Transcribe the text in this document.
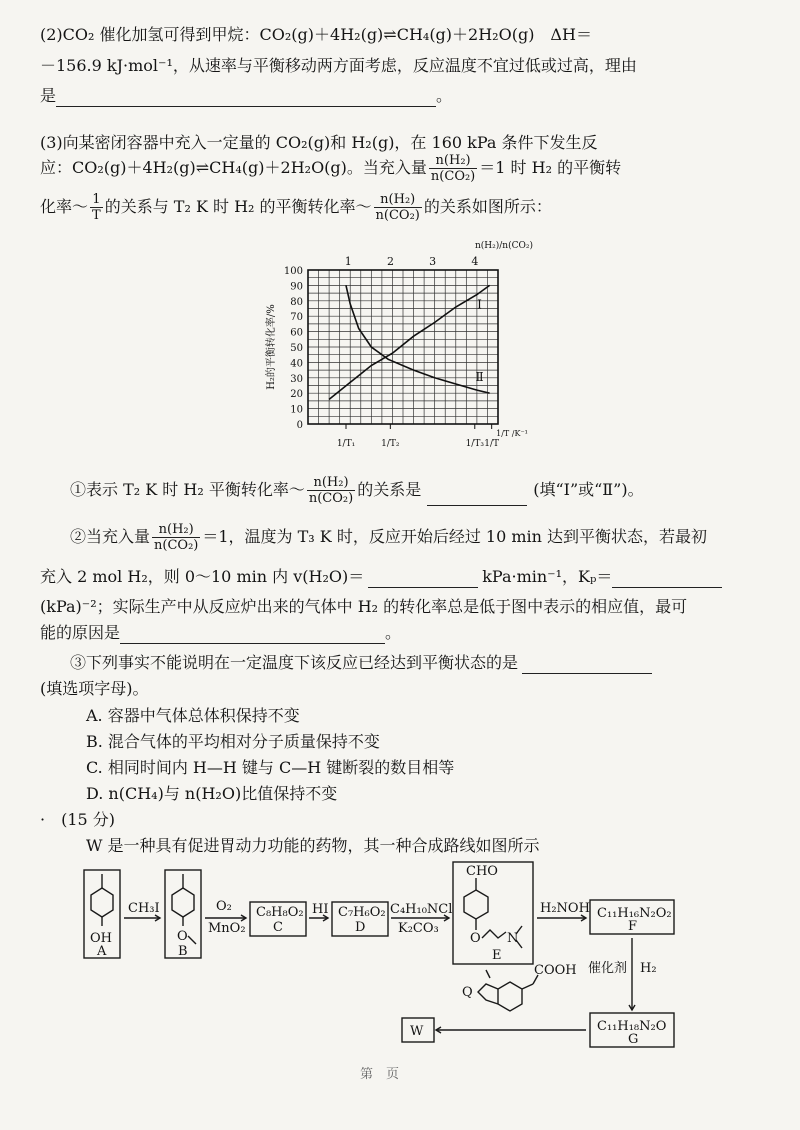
(2)CO₂ 催化加氢可得到甲烷：CO₂(g)＋4H₂(g)⇌CH₄(g)＋2H₂O(g)　ΔH＝
－156.9 kJ·mol⁻¹，从速率与平衡移动两方面考虑，反应温度不宜过低或过高，理由
是	。
(3)向某密闭容器中充入一定量的 CO₂(g)和 H₂(g)，在 160 kPa 条件下发生反
应：CO₂(g)＋4H₂(g)⇌CH₄(g)＋2H₂O(g)。当充入量 $\frac{\text{n(H₂)}}{\text{n(CO₂)}} =1$ 时 H₂ 的平衡转
化率～ $\frac{1}{T}$ 的关系与 T₂ K 时 H₂ 的平衡转化率～ $\frac{\text{n(H₂)}}{\text{n(CO₂)}}$ 的关系如图所示：
0
10
20
30
40
50
60
70
80
90
100
1	2	3	4
n(H₂)/n(CO₂)
1/T₁	1/T₂	1/T₃ 1/T
1/T /K⁻¹
H₂的平衡转化率/%	Ⅰ
Ⅱ
①表示 T₂ K 时 H₂ 平衡转化率～ $\frac{\text{n(H₂)}}{\text{n(CO₂)}}$ 的关系是	(填“Ⅰ”或“Ⅱ”)。
②当充入量 $\frac{\text{n(H₂)}}{\text{n(CO₂)}} =1$，温度为 T₃ K 时，反应开始后经过 10 min 达到平衡状态，若最初
充入 2 mol H₂，则 0～10 min 内 v(H₂O)＝	kPa·min⁻¹，Kₚ＝
(kPa)⁻²；实际生产中从反应炉出来的气体中 H₂ 的转化率总是低于图中表示的相应值，最可
能的原因是	。
③下列事实不能说明在一定温度下该反应已经达到平衡状态的是
(填选项字母)。
A. 容器中气体总体积保持不变
B. 混合气体的平均相对分子质量保持不变
C. 相同时间内 H—H 键与 C—H 键断裂的数目相等
D. n(CH₄)与 n(H₂O)比值保持不变
·　(15 分)
W 是一种具有促进胃动力功能的药物，其一种合成路线如图所示
OH
A
O
B
CH₃I	O₂
MnO₂
C₈H₈O₂
C
HI C₇H₆O₂
D
C₄H₁₀NCl
K₂CO₃
CHO
O N
E
H₂NOH C₁₁H₁₆N₂O₂
F
催化剂 H₂
C₁₁H₁₈N₂O
G
W
Q
COOH
第　页
